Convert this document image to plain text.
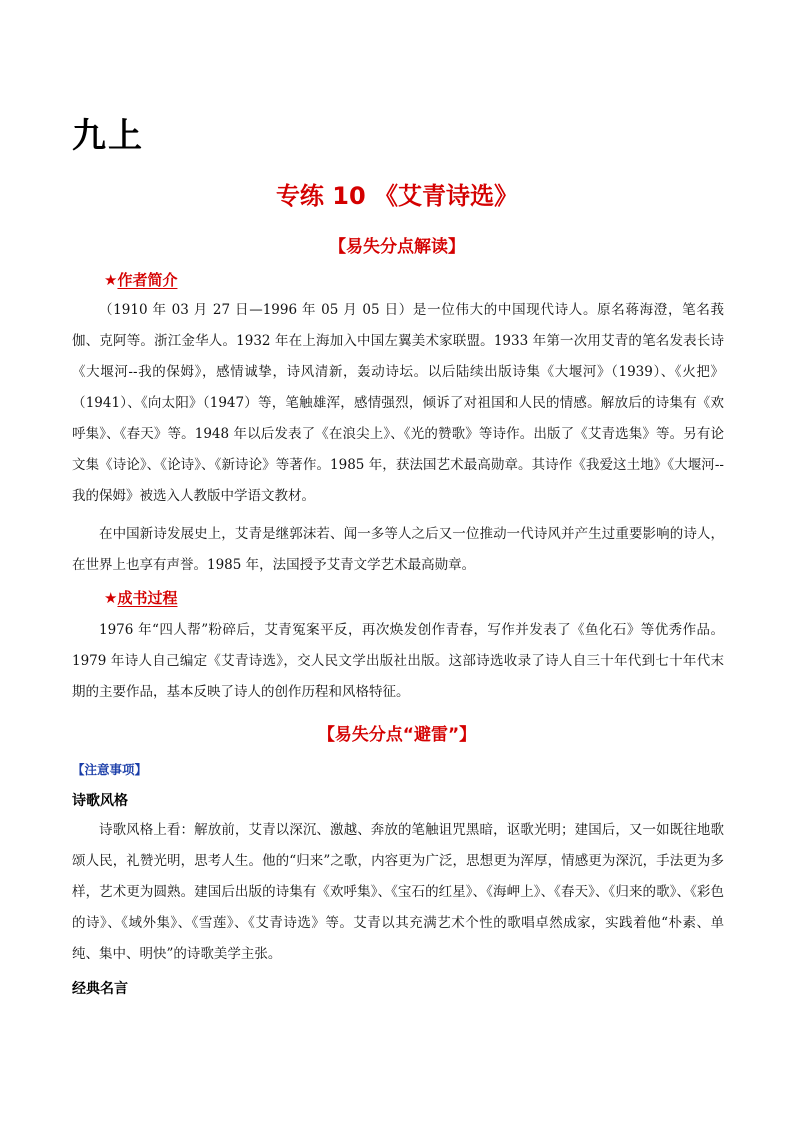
九上
专练 10 《艾青诗选》
【易失分点解读】
★作者简介

（1910 年 03 月 27 日—1996 年 05 月 05 日）是一位伟大的中国现代诗人。原名蒋海澄，笔名莪伽、克阿等。浙江金华人。1932 年在上海加入中国左翼美术家联盟。1933 年第一次用艾青的笔名发表长诗《大堰河--我的保姆》，感情诚挚，诗风清新，轰动诗坛。以后陆续出版诗集《大堰河》（1939）、《火把》（1941）、《向太阳》（1947）等，笔触雄浑，感情强烈，倾诉了对祖国和人民的情感。解放后的诗集有《欢呼集》、《春天》等。1948 年以后发表了《在浪尖上》、《光的赞歌》等诗作。出版了《艾青选集》等。另有论文集《诗论》、《论诗》、《新诗论》等著作。1985 年，获法国艺术最高勋章。其诗作《我爱这土地》《大堰河--我的保姆》被选入人教版中学语文教材。

在中国新诗发展史上，艾青是继郭沫若、闻一多等人之后又一位推动一代诗风并产生过重要影响的诗人，在世界上也享有声誉。1985 年，法国授予艾青文学艺术最高勋章。

★成书过程

1976 年“四人帮”粉碎后，艾青冤案平反，再次焕发创作青春，写作并发表了《鱼化石》等优秀作品。1979 年诗人自己编定《艾青诗选》，交人民文学出版社出版。这部诗选收录了诗人自三十年代到七十年代末期的主要作品，基本反映了诗人的创作历程和风格特征。

【易失分点“避雷”】
【注意事项】
诗歌风格

诗歌风格上看：解放前，艾青以深沉、激越、奔放的笔触诅咒黑暗，讴歌光明；建国后，又一如既往地歌颂人民，礼赞光明，思考人生。他的“归来”之歌，内容更为广泛，思想更为浑厚，情感更为深沉，手法更为多样，艺术更为圆熟。建国后出版的诗集有《欢呼集》、《宝石的红星》、《海岬上》、《春天》、《归来的歌》、《彩色的诗》、《域外集》、《雪莲》、《艾青诗选》等。艾青以其充满艺术个性的歌唱卓然成家，实践着他“朴素、单纯、集中、明快”的诗歌美学主张。

经典名言
